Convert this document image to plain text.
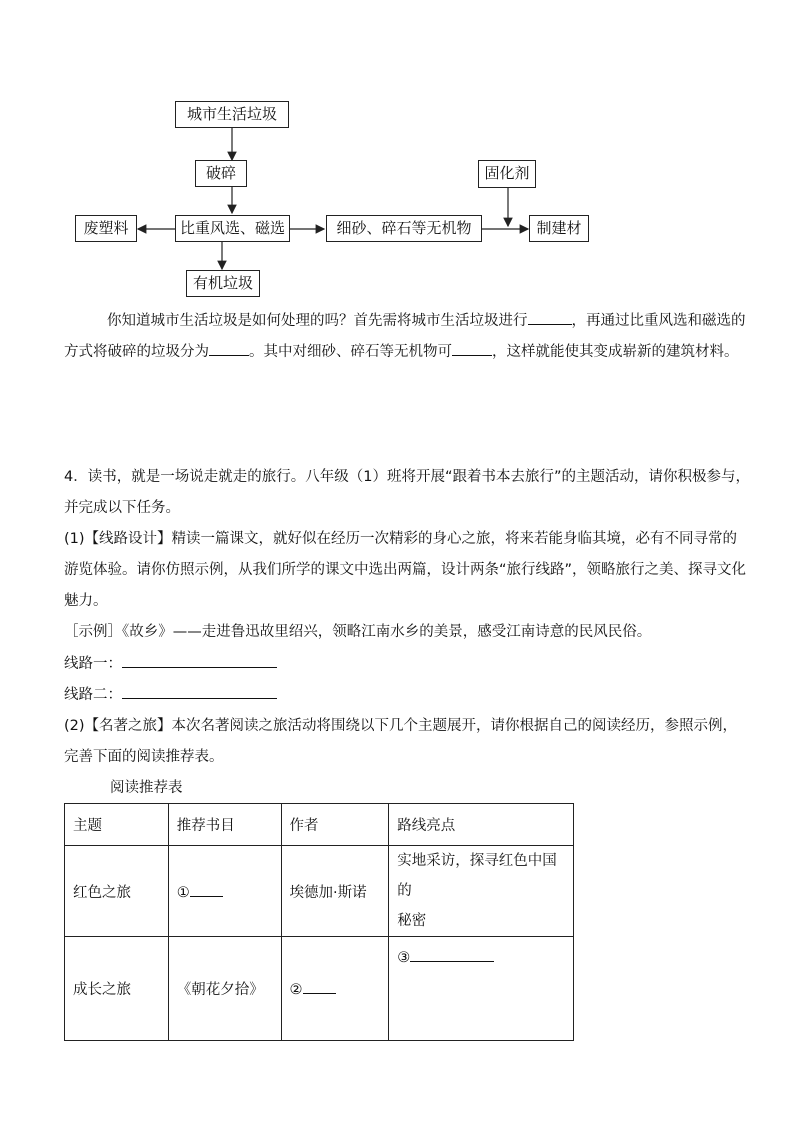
城市生活垃圾
破碎
比重风选、磁选
废塑料
有机垃圾
细砂、碎石等无机物
固化剂
制建材
你知道城市生活垃圾是如何处理的吗？首先需将城市生活垃圾进行	，再通过比重风选和磁选的
方式将破碎的垃圾分为	。其中对细砂、碎石等无机物可	，这样就能使其变成崭新的建筑材料。
4．读书，就是一场说走就走的旅行。八年级（1）班将开展“跟着书本去旅行”的主题活动，请你积极参与，
并完成以下任务。
(1)【线路设计】精读一篇课文，就好似在经历一次精彩的身心之旅，将来若能身临其境，必有不同寻常的
游览体验。请你仿照示例，从我们所学的课文中选出两篇，设计两条“旅行线路”，领略旅行之美、探寻文化
魅力。
［示例］《故乡》——走进鲁迅故里绍兴，领略江南水乡的美景，感受江南诗意的民风民俗。
线路一：
线路二：
(2)【名著之旅】本次名著阅读之旅活动将围绕以下几个主题展开，请你根据自己的阅读经历，参照示例，
完善下面的阅读推荐表。
阅读推荐表
主题	推荐书目	作者	路线亮点
红色之旅	①	埃德加·斯诺	实地采访，探寻红色中国的
秘密

成长之旅	《朝花夕拾》	②	③
